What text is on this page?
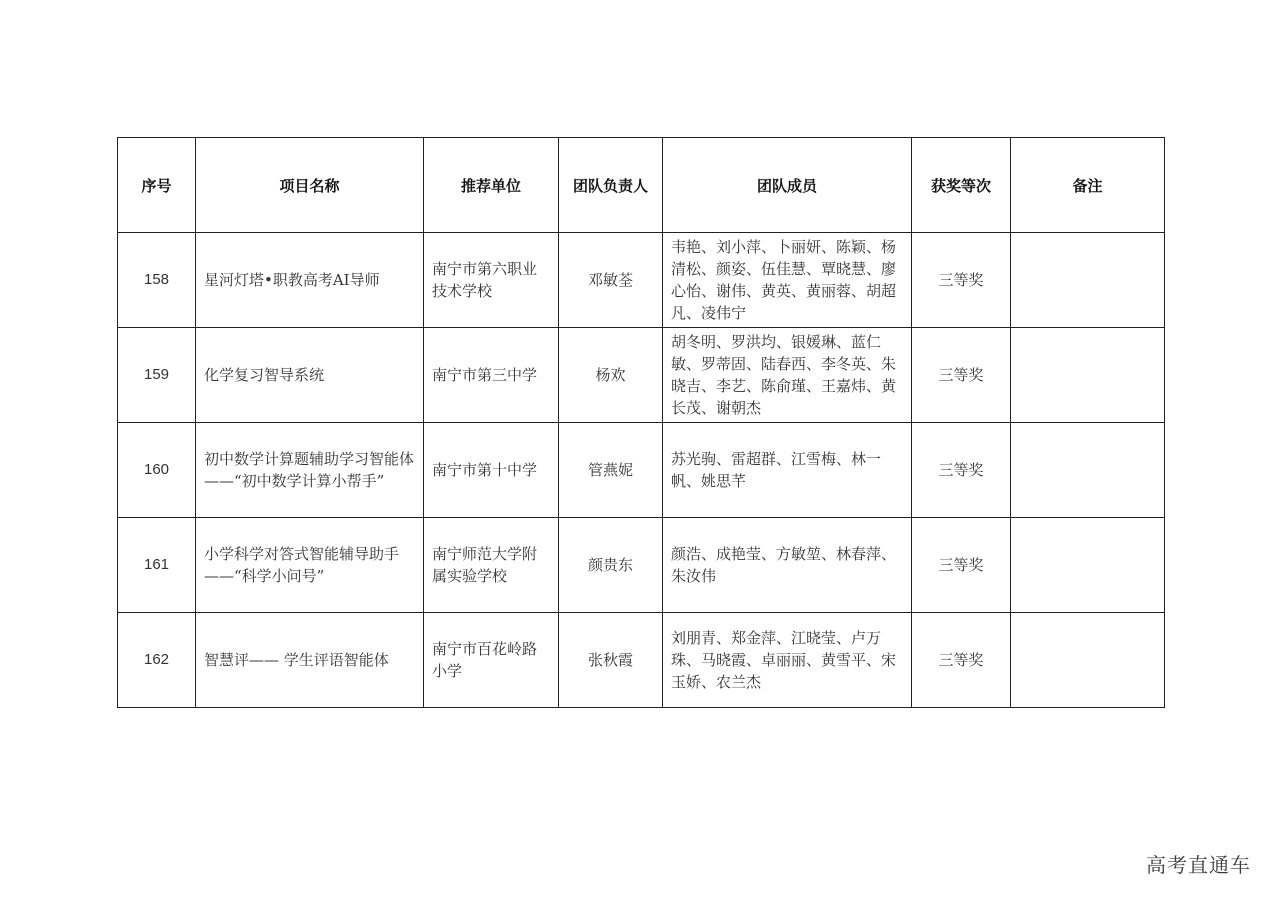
序号	项目名称	推荐单位	团队负责人	团队成员	获奖等次	备注
158	星河灯塔•职教高考AI导师	南宁市第六职业技术学校	邓敏荃	韦艳、刘小萍、卜丽妍、陈颖、杨清松、颜姿、伍佳慧、覃晓慧、廖心怡、谢伟、黄英、黄丽蓉、胡超凡、凌伟宁	三等奖	
159	化学复习智导系统	南宁市第三中学	杨欢	胡冬明、罗洪均、银媛琳、蓝仁敏、罗蒂固、陆春西、李冬英、朱晓吉、李艺、陈俞瑾、王嘉炜、黄长茂、谢朝杰	三等奖	
160	初中数学计算题辅助学习智能体——“初中数学计算小帮手”	南宁市第十中学	管燕妮	苏光驹、雷超群、江雪梅、林一帆、姚思芊	三等奖	
161	小学科学对答式智能辅导助手——“科学小问号”	南宁师范大学附属实验学校	颜贵东	颜浩、成艳莹、方敏堃、林春萍、朱汝伟	三等奖	
162	智慧评—— 学生评语智能体	南宁市百花岭路小学	张秋霞	刘朋青、郑金萍、江晓莹、卢万珠、马晓霞、卓丽丽、黄雪平、宋玉娇、农兰杰	三等奖	
高考直通车
